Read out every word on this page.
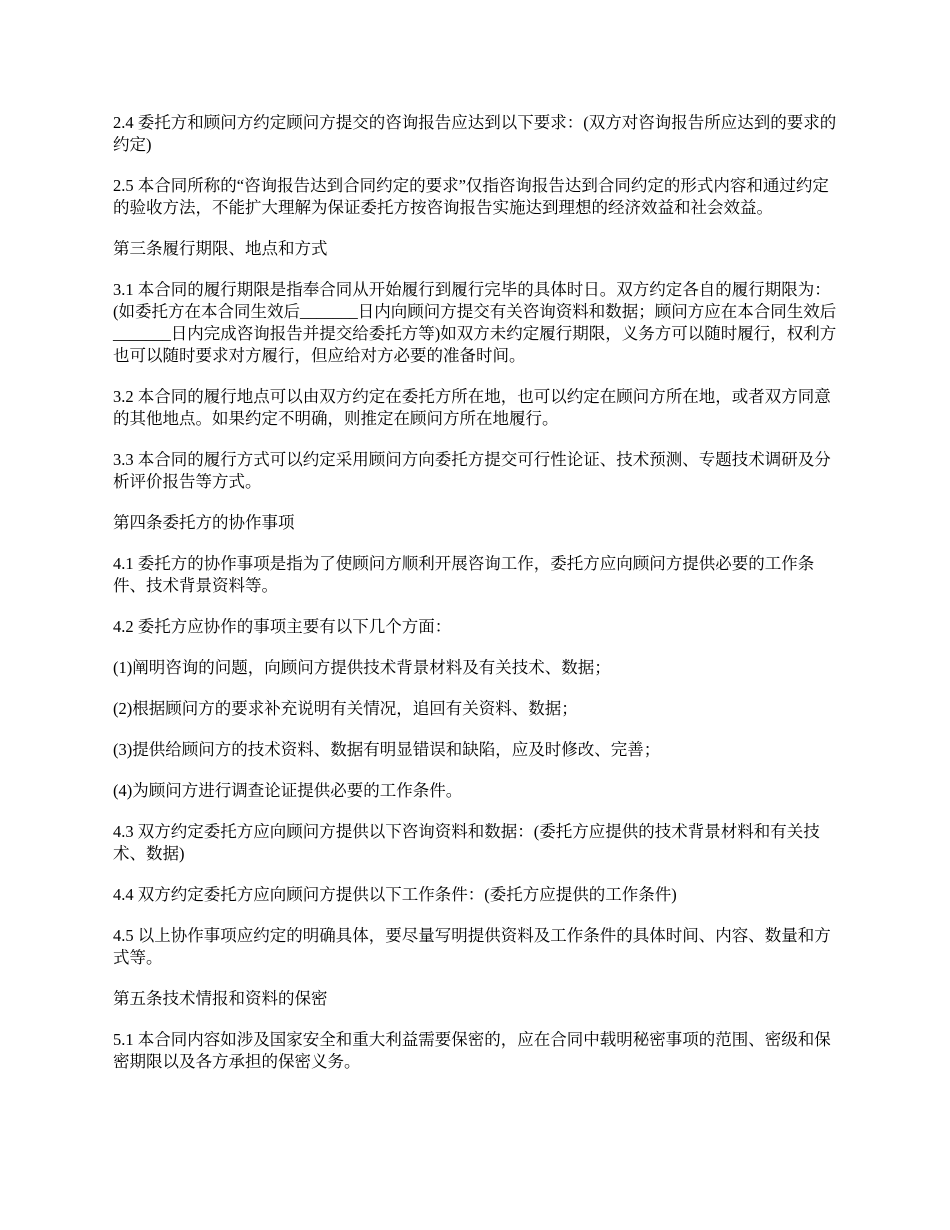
2.4 委托方和顾问方约定顾问方提交的咨询报告应达到以下要求：(双方对咨询报告所应达到的要求的约定)

2.5 本合同所称的“咨询报告达到合同约定的要求”仅指咨询报告达到合同约定的形式内容和通过约定的验收方法，不能扩大理解为保证委托方按咨询报告实施达到理想的经济效益和社会效益。

第三条履行期限、地点和方式

3.1 本合同的履行期限是指奉合同从开始履行到履行完毕的具体时日。双方约定各自的履行期限为：(如委托方在本合同生效后_______日内向顾问方提交有关咨询资料和数据；顾问方应在本合同生效后_______日内完成咨询报告并提交给委托方等)如双方未约定履行期限，义务方可以随时履行，权利方也可以随时要求对方履行，但应给对方必要的准备时间。

3.2 本合同的履行地点可以由双方约定在委托方所在地，也可以约定在顾问方所在地，或者双方同意的其他地点。如果约定不明确，则推定在顾问方所在地履行。

3.3 本合同的履行方式可以约定采用顾问方向委托方提交可行性论证、技术预测、专题技术调研及分析评价报告等方式。

第四条委托方的协作事项

4.1 委托方的协作事项是指为了使顾问方顺利开展咨询工作，委托方应向顾问方提供必要的工作条件、技术背景资料等。

4.2 委托方应协作的事项主要有以下几个方面：

(1)阐明咨询的问题，向顾问方提供技术背景材料及有关技术、数据；

(2)根据顾问方的要求补充说明有关情况，追回有关资料、数据；

(3)提供给顾问方的技术资料、数据有明显错误和缺陷，应及时修改、完善；

(4)为顾问方进行调查论证提供必要的工作条件。

4.3 双方约定委托方应向顾问方提供以下咨询资料和数据：(委托方应提供的技术背景材料和有关技术、数据)

4.4 双方约定委托方应向顾问方提供以下工作条件：(委托方应提供的工作条件)

4.5 以上协作事项应约定的明确具体，要尽量写明提供资料及工作条件的具体时间、内容、数量和方式等。

第五条技术情报和资料的保密

5.1 本合同内容如涉及国家安全和重大利益需要保密的，应在合同中载明秘密事项的范围、密级和保密期限以及各方承担的保密义务。
